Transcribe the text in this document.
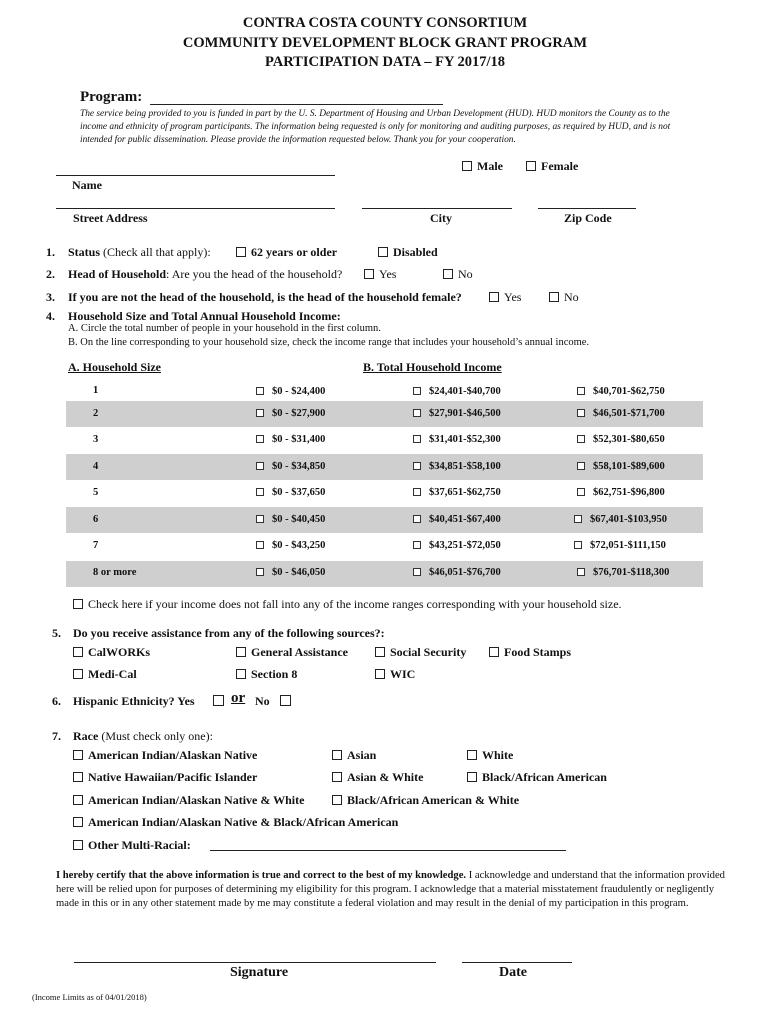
CONTRA COSTA COUNTY CONSORTIUM
COMMUNITY DEVELOPMENT BLOCK GRANT PROGRAM
PARTICIPATION DATA – FY 2017/18
Program:
The service being provided to you is funded in part by the U. S. Department of Housing and Urban Development (HUD). HUD monitors the County as to the income and ethnicity of program participants. The information being requested is only for monitoring and auditing purposes, as required by HUD, and is not intended for public dissemination. Please provide the information requested below. Thank you for your cooperation.
Male	Female
Name
Street Address	City	Zip Code
1. Status (Check all that apply):	62 years or older	Disabled
2. Head of Household: Are you the head of the household?	Yes	No
3. If you are not the head of the household, is the head of the household female?	Yes	No
4. Household Size and Total Annual Household Income:
A. Circle the total number of people in your household in the first column.
B. On the line corresponding to your household size, check the income range that includes your household’s annual income.
A. Household Size	B. Total Household Income
1	$0 - $24,400	$24,401-$40,700	$40,701-$62,750
2	$0 - $27,900	$27,901-$46,500	$46,501-$71,700
3	$0 - $31,400	$31,401-$52,300	$52,301-$80,650
4	$0 - $34,850	$34,851-$58,100	$58,101-$89,600
5	$0 - $37,650	$37,651-$62,750	$62,751-$96,800
6	$0 - $40,450	$40,451-$67,400	$67,401-$103,950
7	$0 - $43,250	$43,251-$72,050	$72,051-$111,150
8 or more	$0 - $46,050	$46,051-$76,700	$76,701-$118,300
Check here if your income does not fall into any of the income ranges corresponding with your household size.
5. Do you receive assistance from any of the following sources?:
CalWORKs	General Assistance	Social Security	Food Stamps
Medi-Cal	Section 8	WIC
6. Hispanic Ethnicity? Yes or No
7. Race (Must check only one):
American Indian/Alaskan Native	Asian	White
Native Hawaiian/Pacific Islander	Asian & White	Black/African American
American Indian/Alaskan Native & White	Black/African American & White
American Indian/Alaskan Native & Black/African American
Other Multi-Racial:
I hereby certify that the above information is true and correct to the best of my knowledge. I acknowledge and understand that the information provided here will be relied upon for purposes of determining my eligibility for this program. I acknowledge that a material misstatement fraudulently or negligently made in this or in any other statement made by me may constitute a federal violation and may result in the denial of my participation in this program.
Signature	Date
(Income Limits as of 04/01/2018)
